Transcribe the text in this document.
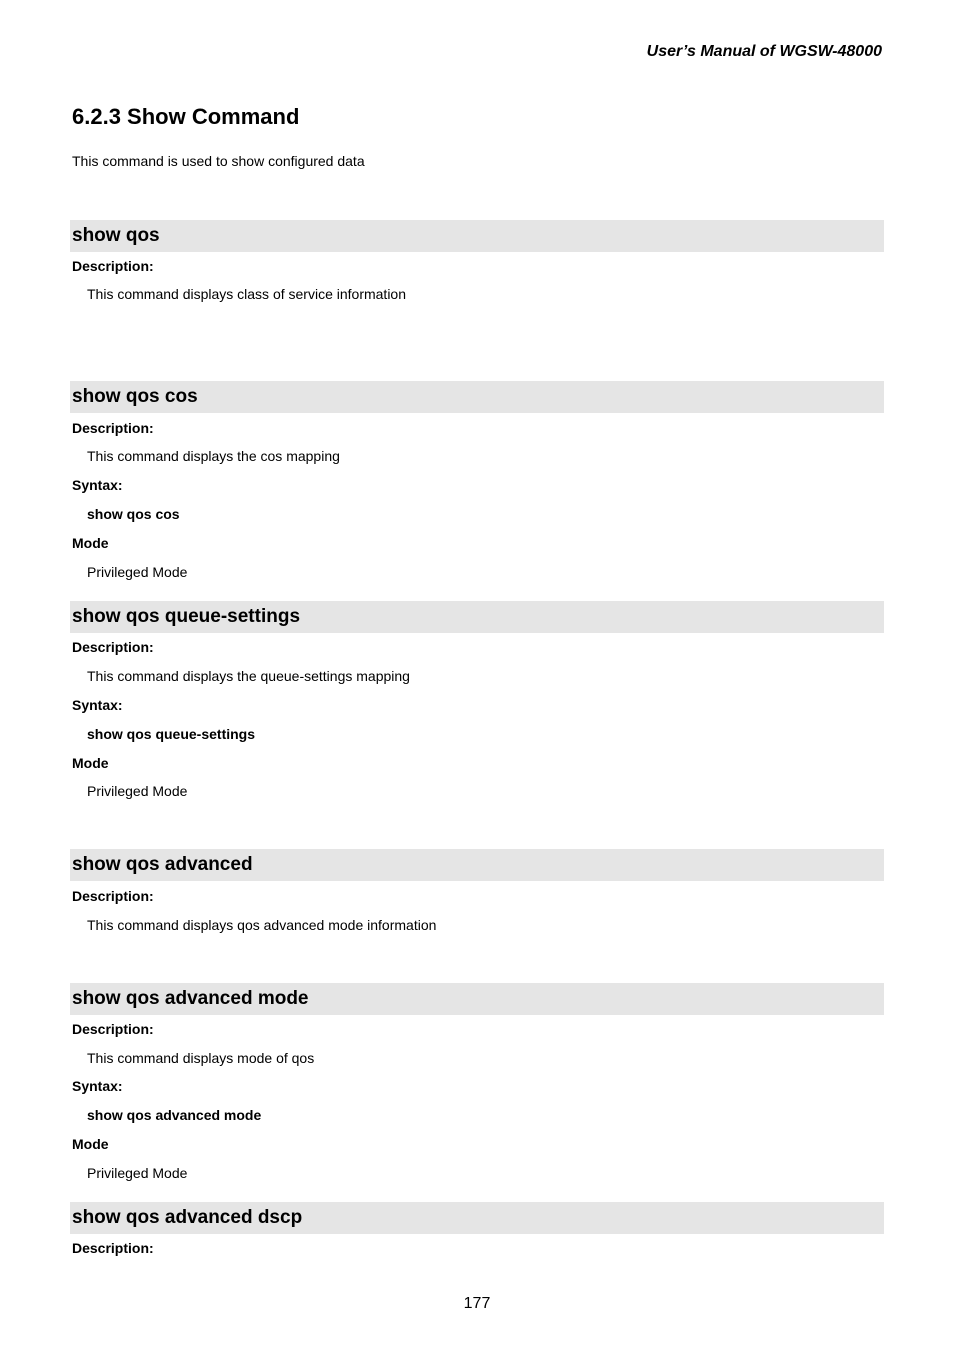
User’s Manual of WGSW-48000
6.2.3 Show Command
This command is used to show configured data
show qos
Description:
This command displays class of service information
show qos cos
Description:
This command displays the cos mapping
Syntax:
show qos cos
Mode
Privileged Mode
show qos queue-settings
Description:
This command displays the queue-settings mapping
Syntax:
show qos queue-settings
Mode
Privileged Mode
show qos advanced
Description:
This command displays qos advanced mode information
show qos advanced mode
Description:
This command displays mode of qos
Syntax:
show qos advanced mode
Mode
Privileged Mode
show qos advanced dscp
Description:
177
